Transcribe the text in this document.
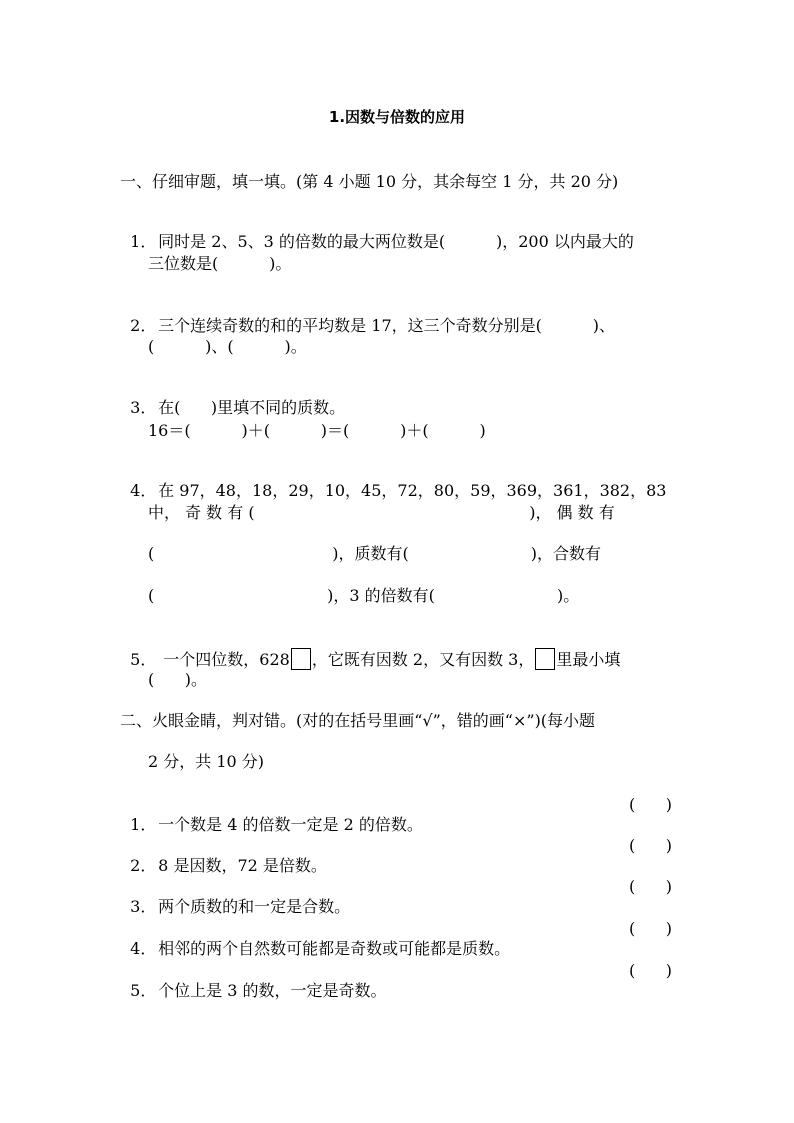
1.因数与倍数的应用
一、仔细审题，填一填。(第 4 小题 10 分，其余每空 1 分，共 20 分)

1． 同时是 2、5、3 的倍数的最大两位数是(          )，200 以内最大的

三位数是(          )。

2． 三个连续奇数的和的平均数是 17，这三个奇数分别是(          )、

(          )、(          )。

3． 在(      )里填不同的质数。

16＝(          )＋(          )＝(          )＋(          )

4． 在 97，48，18，29，10，45，72，80，59，369，361，382，83

中， 奇 数 有 (                                                      )， 偶 数 有
(                                   )，质数有(                        )，合数有
(                                  )，3 的倍数有(                        )。

5． 一个四位数，628 ，它既有因数 2，又有因数 3， 里最小填

(      )。
二、火眼金睛，判对错。(对的在括号里画“√”，错的画“×”)(每小题
2 分，共 10 分)

1． 一个数是 4 的倍数一定是 2 的倍数。

(      )

2． 8 是因数，72 是倍数。

(      )

3． 两个质数的和一定是合数。

(      )

4． 相邻的两个自然数可能都是奇数或可能都是质数。

(      )

5． 个位上是 3 的数，一定是奇数。

(      )
